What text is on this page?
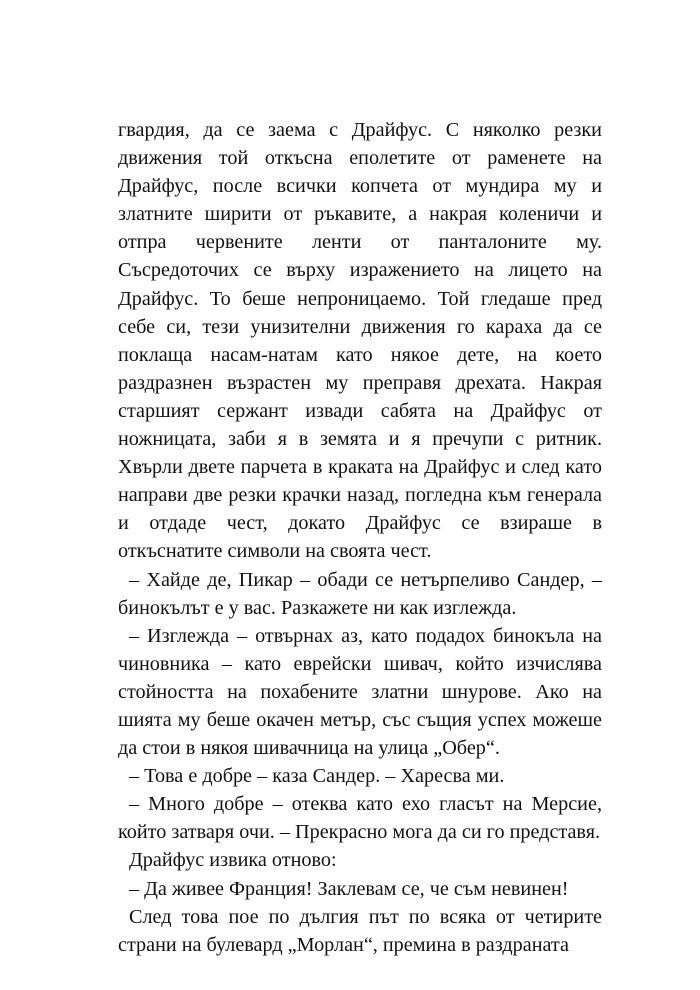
гвардия, да се заема с Драйфус. С няколко резки движения той откъсна еполетите от раменете на Драйфус, после всички копчета от мундира му и златните ширити от ръкавите, а накрая коленичи и отпра червените ленти от панталоните му. Съсредоточих се върху изражението на лицето на Драйфус. То беше непроницаемо. Той гледаше пред себе си, тези унизителни движения го караха да се поклаща насам-натам като някое дете, на което раздразнен възрастен му преправя дрехата. Накрая старшият сержант извади сабята на Драйфус от ножницата, заби я в земята и я пречупи с ритник. Хвърли двете парчета в краката на Драйфус и след като направи две резки крачки назад, погледна към генерала и отдаде чест, докато Драйфус се взираше в откъснатите символи на своята чест.

– Хайде де, Пикар – обади се нетърпеливо Сандер, – бинокълът е у вас. Разкажете ни как изглежда.

– Изглежда – отвърнах аз, като подадох бинокъла на чиновника – като еврейски шивач, който изчислява стойността на похабените златни шнурове. Ако на шията му беше окачен метър, със същия успех можеше да стои в някоя шивачница на улица „Обер“.

– Това е добре – каза Сандер. – Харесва ми.

– Много добре – отеква като ехо гласът на Мерсие, който затваря очи. – Прекрасно мога да си го представя.

Драйфус извика отново:

– Да живее Франция! Заклевам се, че съм невинен!

След това пое по дългия път по всяка от четирите страни на булевард „Морлан“, премина в раздраната
